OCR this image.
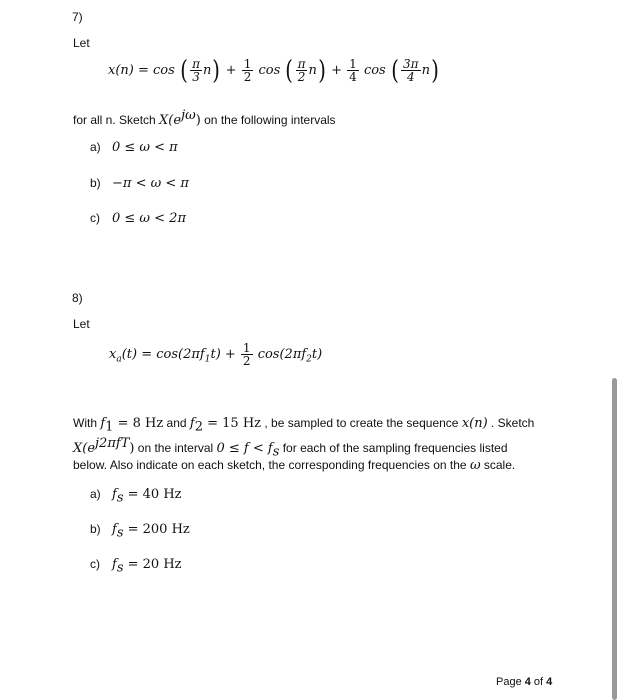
7)
Let
x(n) = cos ( $\frac{\pi}{3} n) + \frac{1}{2}$ cos ( $\frac{\pi}{2} n) + \frac{1}{4}$ cos ( $\frac{3\pi}{4} n$)
for all n. Sketch $X(e^{j\omega})$ on the following intervals
a) 0 ≤ ω < π
b) −π < ω < π
c) 0 ≤ ω < 2π
8)
Let
$x_a(t) = \cos(2\pi f_1t) + \frac{1}{2} \cos(2\pi f_2t)$
With $f_1 = 8$ Hz and $f_2 = 15$ Hz , be sampled to create the sequence x(n) . Sketch
$X(e^{j2\pi fT})$ on the interval $0 \le f < f_s$ for each of the sampling frequencies listed
below. Also indicate on each sketch, the corresponding frequencies on the ω scale.
a) $f_s = 40$ Hz
b) $f_s = 200$ Hz
c) $f_s = 20$ Hz
Page 4 of 4
